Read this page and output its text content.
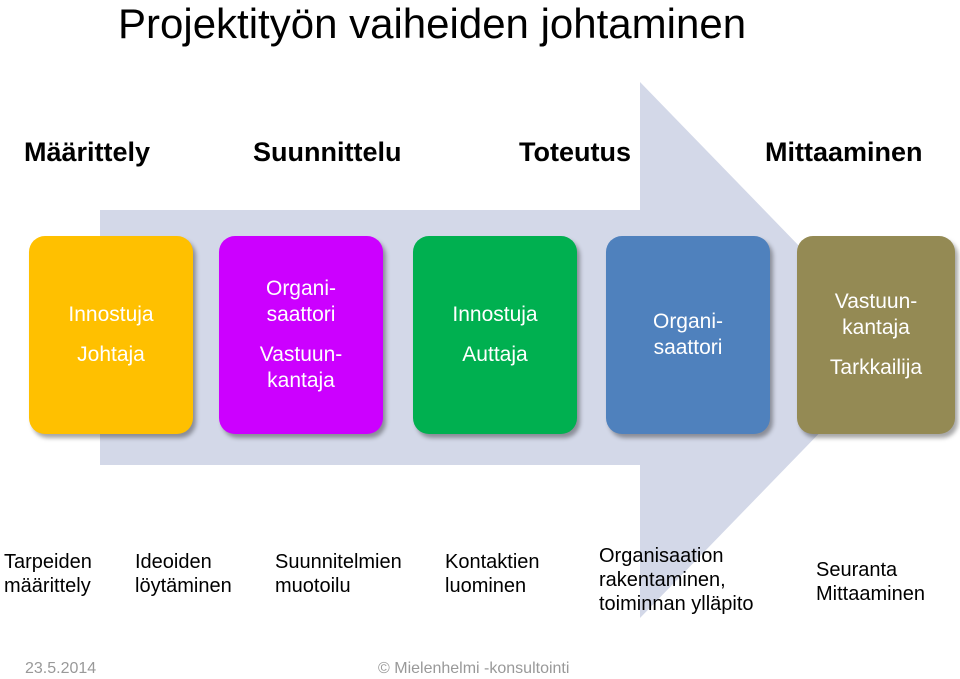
Projektityön vaiheiden johtaminen
Määrittely	Suunnittelu	Toteutus	Mittaaminen
Innostuja
Johtaja
Organi-
saattori
Vastuun-
kantaja
Innostuja
Auttaja
Organi-
saattori
Vastuun-
kantaja
Tarkkailija
Tarpeiden
määrittely
Ideoiden
löytäminen
Suunnitelmien
muotoilu
Kontaktien
luominen
Organisaation
rakentaminen,
toiminnan ylläpito
Seuranta
Mittaaminen
23.5.2014	© Mielenhelmi -konsultointi
